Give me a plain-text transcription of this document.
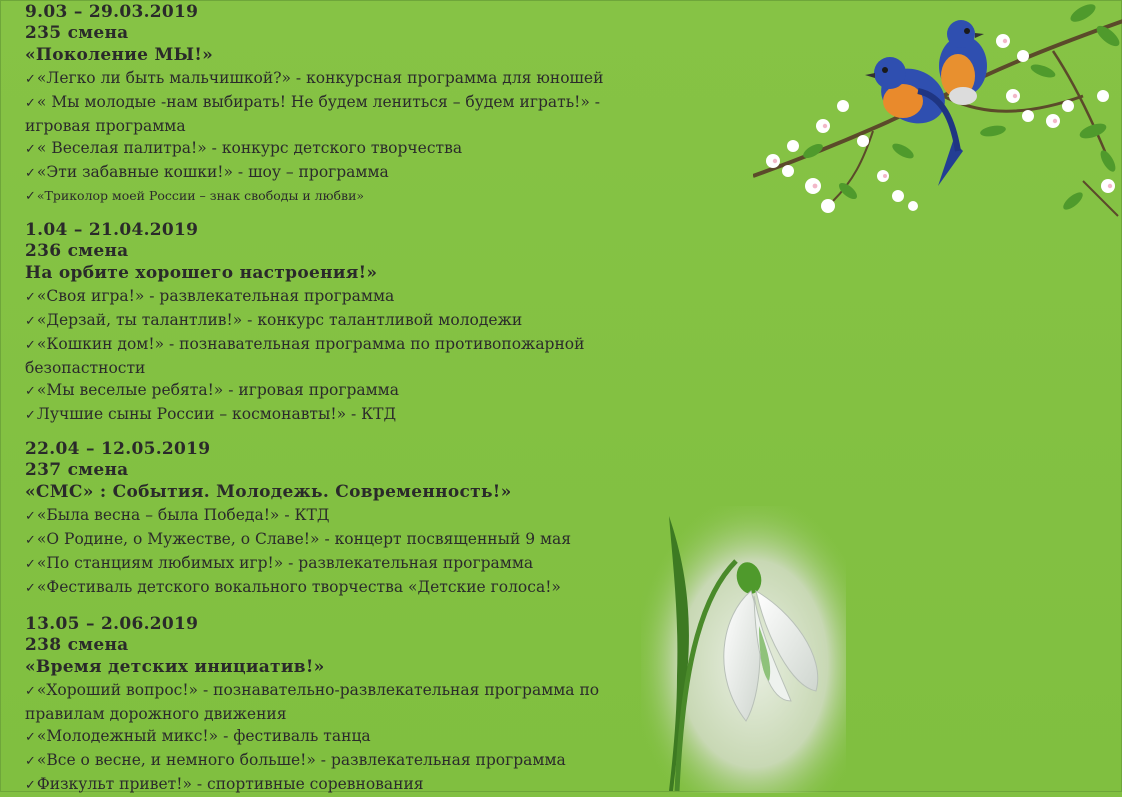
9.03 – 29.03.2019
235 смена
«Поколение МЫ!»
✓«Легко ли быть мальчишкой?» - конкурсная программа для юношей
✓« Мы молодые -нам выбирать! Не будем лениться – будем играть!» - игровая программа
✓« Веселая палитра!» - конкурс детского творчества
✓«Эти забавные кошки!» - шоу – программа
✓«Триколор моей России – знак свободы и любви»
1.04 – 21.04.2019
236 смена
На орбите хорошего настроения!»
✓«Своя игра!» - развлекательная программа
✓«Дерзай, ты талантлив!» - конкурс талантливой молодежи
✓«Кошкин дом!» - познавательная программа по противопожарной безопастности
✓«Мы веселые ребята!» - игровая программа
✓Лучшие сыны России – космонавты!» - КТД
22.04 – 12.05.2019
237 смена
«СМС» : События. Молодежь. Современность!»
✓«Была весна – была Победа!» - КТД
✓«О Родине, о Мужестве, о Славе!» - концерт посвященный 9 мая
✓«По станциям любимых игр!» - развлекательная программа
✓«Фестиваль детского вокального творчества «Детские голоса!»
13.05 – 2.06.2019
238 смена
«Время детских инициатив!»
✓«Хороший вопрос!» - познавательно-развлекательная программа по правилам дорожного движения
✓«Молодежный микс!» - фестиваль танца
✓«Все о весне, и немного больше!» - развлекательная программа
✓Физкульт привет!» - спортивные соревнования
